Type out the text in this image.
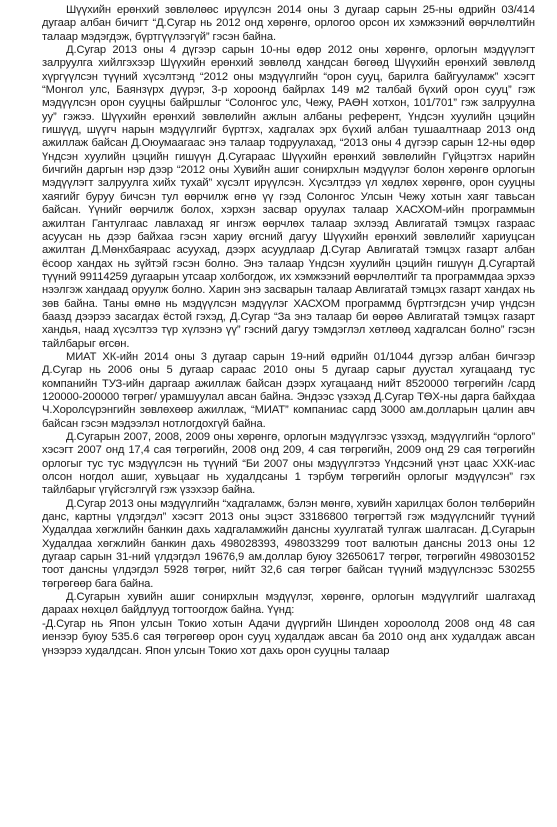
Шүүхийн ерөнхий зөвлөлөөс ирүүлсэн 2014 оны 3 дугаар сарын 25-ны өдрийн 03/414 дугаар албан бичигт “Д.Сугар нь 2012 онд хөрөнгө, орлогоо орсон их хэмжээний өөрчлөлтийн талаар мэдэгдэж, бүртгүүлээгүй” гэсэн байна.

Д.Сугар 2013 оны 4 дүгээр сарын 10-ны өдөр 2012 оны хөрөнгө, орлогын мэдүүлэгт залруулга хийлгэхээр Шүүхийн ерөнхий зөвлөлд хандсан бөгөөд Шүүхийн ерөнхий зөвлөлд хүргүүлсэн түүний хүсэлтэнд “2012 оны мэдүүлгийн “орон сууц, барилга байгууламж” хэсэгт “Монгол улс, Баянзүрх дүүрэг, 3-р хороонд байрлах 149 м2 талбай бүхий орон сууц” гэж мэдүүлсэн орон сууцны байршлыг “Солонгос улс, Чежу, РАӨН хотхон, 101/701” гэж залруулна уу” гэжээ. Шүүхийн ерөнхий зөвлөлийн ажлын албаны референт, Үндсэн хуулийн цэцийн гишүүд, шүүгч нарын мэдүүлгийг бүртгэх, хадгалах эрх бүхий албан тушаалтнаар 2013 онд ажиллаж байсан Д.Оюумаагаас энэ талаар тодруулахад, “2013 оны 4 дүгээр сарын 12-ны өдөр Үндсэн хуулийн цэцийн гишүүн Д.Сугараас Шүүхийн ерөнхий зөвлөлийн Гүйцэтгэх нарийн бичгийн даргын нэр дээр “2012 оны Хувийн ашиг сонирхлын мэдүүлэг болон хөрөнгө орлогын мэдүүлэгт залруулга хийх тухай” хүсэлт ирүүлсэн. Хүсэлтдээ үл хөдлөх хөрөнгө, орон сууцны хаягийг буруу бичсэн тул өөрчилж өгнө үү гээд Солонгос Улсын Чежу хотын хаяг тавьсан байсан. Үүнийг өөрчилж болох, хэрхэн засвар оруулах талаар ХАСХОМ-ийн программын ажилтан Гантулгаас лавлахад яг ингэж өөрчлөх талаар эхлээд Авлигатай тэмцэх газраас асуусан нь дээр байхаа гэсэн хариу өгсний дагуу Шүүхийн ерөнхий зөвлөлийг хариуцсан ажилтан Д.Мөнхбаяраас асуухад, дээрх асуудлаар Д.Сугар Авлигатай тэмцэх газарт албан ёсоор хандах нь зүйтэй гэсэн болно. Энэ талаар Үндсэн хуулийн цэцийн гишүүн Д.Сугартай түүний 99114259 дугаарын утсаар холбогдож, их хэмжээний өөрчлөлтийг та программдаа эрхээ нээлгэж хандаад оруулж болно. Харин энэ засварын талаар Авлигатай тэмцэх газарт хандах нь зөв байна. Таны өмнө нь мэдүүлсэн мэдүүлэг ХАСХОМ программд бүртгэгдсэн учир үндсэн баазд дээрээ засагдах ёстой гэхэд, Д.Сугар “За энэ талаар би өөрөө Авлигатай тэмцэх газарт хандья, наад хүсэлтээ түр хүлээнэ үү” гэсний дагуу тэмдэглэл хөтлөөд хадгалсан болно” гэсэн тайлбарыг өгсөн.

МИАТ ХК-ийн 2014 оны 3 дугаар сарын 19-ний өдрийн 01/1044 дүгээр албан бичгээр Д.Сугар нь 2006 оны 5 дугаар сараас 2010 оны 5 дугаар сарыг дуустал хугацаанд тус компанийн ТУЗ-ийн даргаар ажиллаж байсан дээрх хугацаанд нийт 8520000 төгрөгийн /сард 120000-200000 төгрөг/ урамшуулал авсан байна. Эндээс үзэхэд Д.Сугар ТӨХ-ны дарга байхдаа Ч.Хоролсүрэнгийн зөвлөхөөр ажиллаж, “МИАТ” компаниас сард 3000 ам.долларын цалин авч байсан гэсэн мэдээлэл нотлогдохгүй байна.

Д.Сугарын 2007, 2008, 2009 оны хөрөнгө, орлогын мэдүүлгээс үзэхэд, мэдүүлгийн “орлого” хэсэгт 2007 онд 17,4 сая төгрөгийн, 2008 онд 209, 4 сая төгрөгийн, 2009 онд 29 сая төгрөгийн орлогыг тус тус мэдүүлсэн нь түүний “Би 2007 оны мэдүүлгэтээ Үндсэний үнэт цаас ХХК-иас олсон ногдол ашиг, хувьцааг нь худалдсаны 1 тэрбум төгрөгийн орлогыг мэдүүлсэн” гэх тайлбарыг үгүйсгэлгүй гэж үзэхээр байна.

Д.Сугар 2013 оны мэдүүлгийн “хадгаламж, бэлэн мөнгө, хувийн харилцах болон төлбөрийн данс, картны үлдэгдэл” хэсэгт 2013 оны эцэст 33186800 төгрөгтэй гэж мэдүүлснийг түүний Худалдаа хөгжлийн банкин дахь хадгаламжийн дансны хуулгатай тулгаж шалгасан. Д.Сугарын Худалдаа хөгжлийн банкин дахь 498028393, 498033299 тоот валютын дансны 2013 оны 12 дугаар сарын 31-ний үлдэгдэл 19676,9 ам.доллар буюу 32650617 төгрөг, төгрөгийн 498030152 тоот дансны үлдэгдэл 5928 төгрөг, нийт 32,6 сая төгрөг байсан түүний мэдүүлснээс 530255 төгрөгөөр бага байна.

Д.Сугарын хувийн ашиг сонирхлын мэдүүлэг, хөрөнгө, орлогын мэдүүлгийг шалгахад дараах нөхцөл байдлууд тогтоогдож байна. Үүнд:

-Д.Сугар нь Япон улсын Токио хотын Адачи дүүргийн Шинден хороололд 2008 онд 48 сая иенээр буюу 535.6 сая төгрөгөөр орон сууц худалдаж авсан ба 2010 онд анх худалдаж авсан үнээрээ худалдсан. Япон улсын Токио хот дахь орон сууцны талаар
